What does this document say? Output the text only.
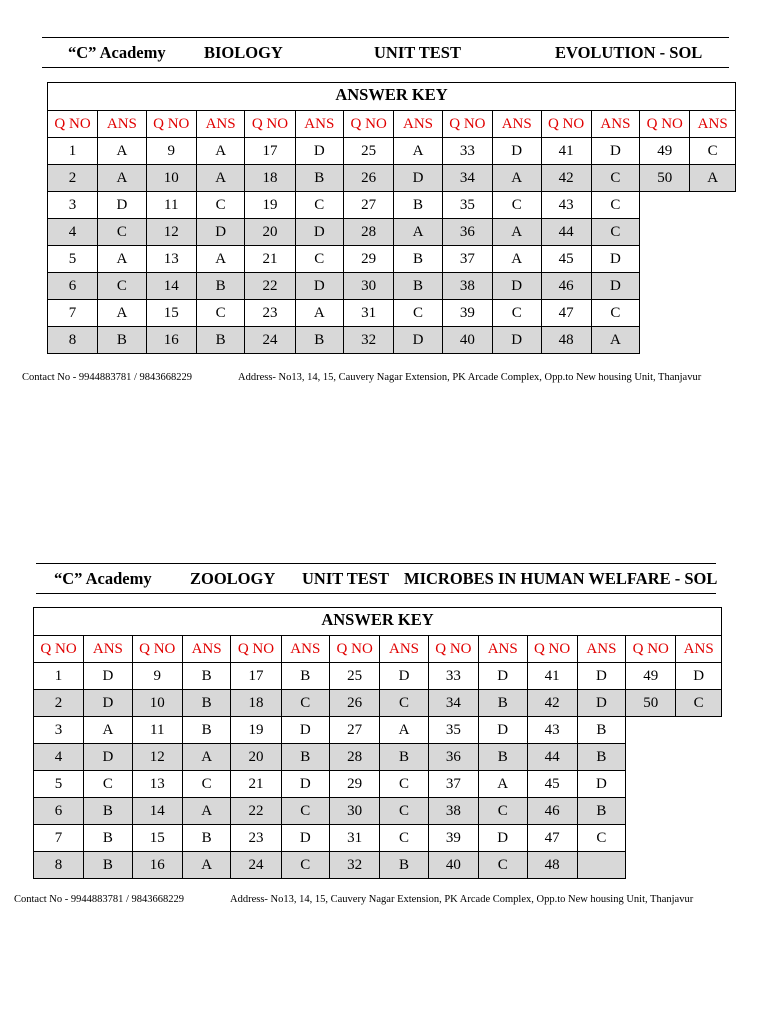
“C” Academy BIOLOGY	UNIT TEST	EVOLUTION - SOL
ANSWER KEY
Q NO	ANS	Q NO	ANS	Q NO	ANS	Q NO	ANS	Q NO	ANS	Q NO	ANS	Q NO	ANS
1	A	9	A	17	D	25	A	33	D	41	D	49	C
2	A	10	A	18	B	26	D	34	A	42	C	50	A
3	D	11	C	19	C	27	B	35	C	43	C		
4	C	12	D	20	D	28	A	36	A	44	C		
5	A	13	A	21	C	29	B	37	A	45	D		
6	C	14	B	22	D	30	B	38	D	46	D		
7	A	15	C	23	A	31	C	39	C	47	C		
8	B	16	B	24	B	32	D	40	D	48	A		
Contact No - 9944883781 / 9843668229	Address- No13, 14, 15, Cauvery Nagar Extension, PK Arcade Complex, Opp.to New housing Unit, Thanjavur
“C” Academy ZOOLOGY UNIT TEST MICROBES IN HUMAN WELFARE - SOL
ANSWER KEY
Q NO	ANS	Q NO	ANS	Q NO	ANS	Q NO	ANS	Q NO	ANS	Q NO	ANS	Q NO	ANS
1	D	9	B	17	B	25	D	33	D	41	D	49	D
2	D	10	B	18	C	26	C	34	B	42	D	50	C
3	A	11	B	19	D	27	A	35	D	43	B		
4	D	12	A	20	B	28	B	36	B	44	B		
5	C	13	C	21	D	29	C	37	A	45	D		
6	B	14	A	22	C	30	C	38	C	46	B		
7	B	15	B	23	D	31	C	39	D	47	C		
8	B	16	A	24	C	32	B	40	C	48			
Contact No - 9944883781 / 9843668229	Address- No13, 14, 15, Cauvery Nagar Extension, PK Arcade Complex, Opp.to New housing Unit, Thanjavur
